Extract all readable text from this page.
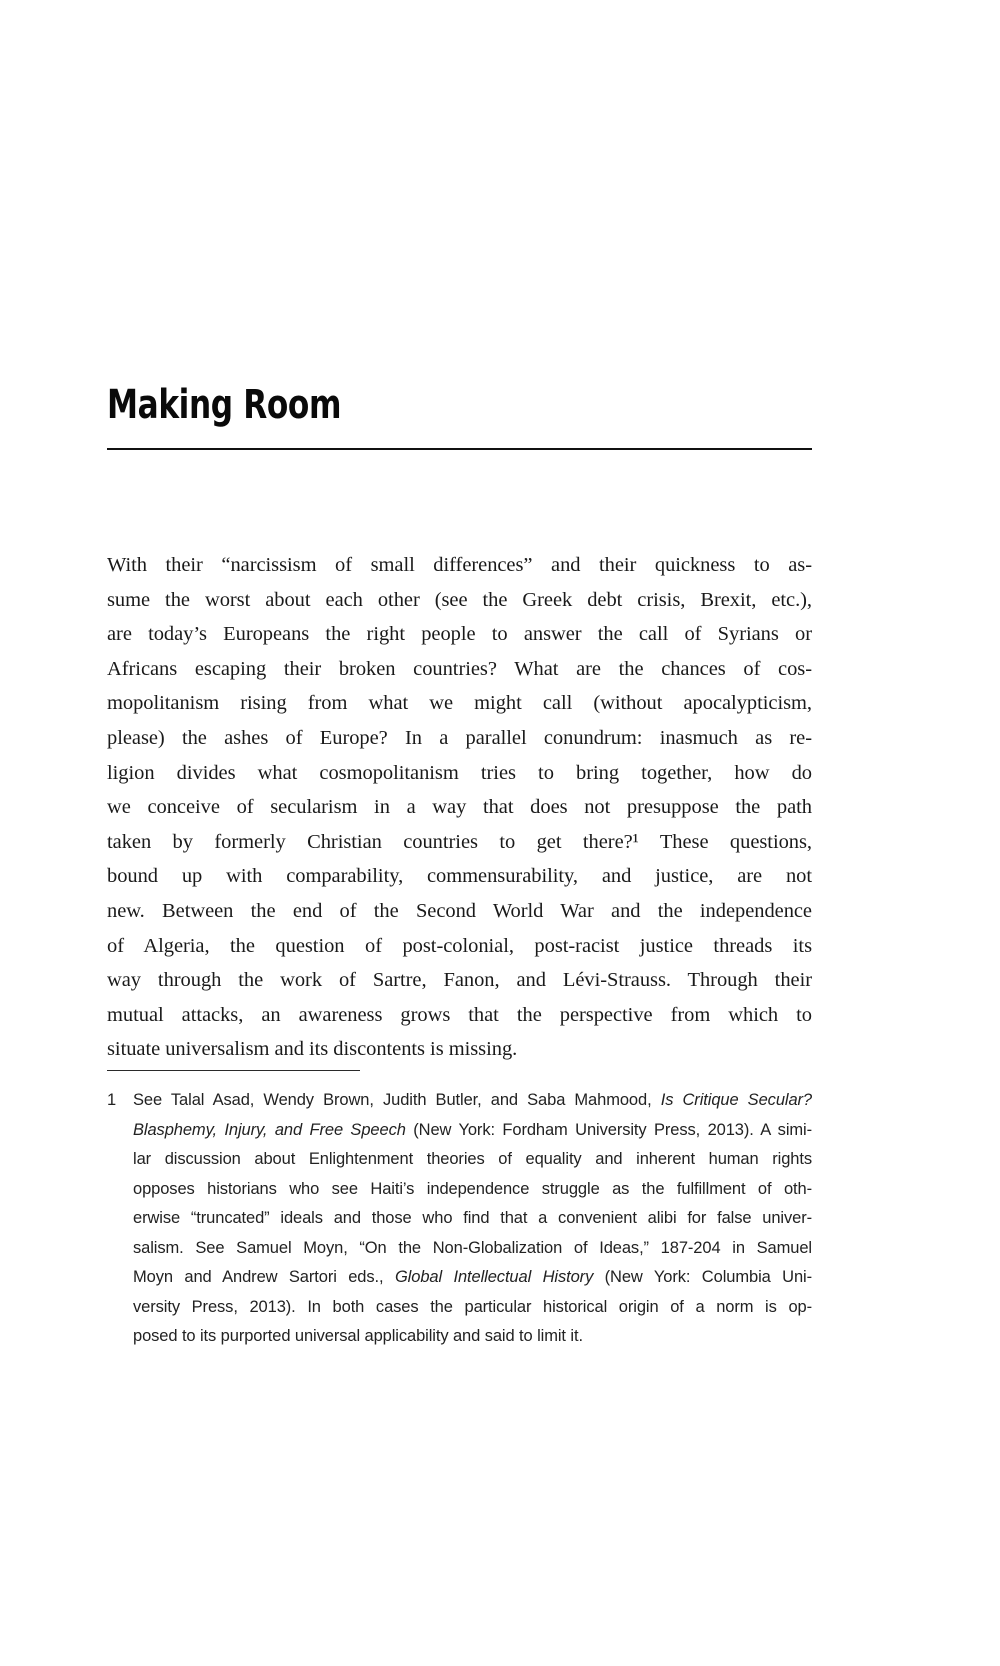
Making Room
With their “narcissism of small differences” and their quickness to as-
sume the worst about each other (see the Greek debt crisis, Brexit, etc.),
are today’s Europeans the right people to answer the call of Syrians or
Africans escaping their broken countries? What are the chances of cos-
mopolitanism rising from what we might call (without apocalypticism,
please) the ashes of Europe? In a parallel conundrum: inasmuch as re-
ligion divides what cosmopolitanism tries to bring together, how do
we conceive of secularism in a way that does not presuppose the path
taken by formerly Christian countries to get there?¹ These questions,
bound up with comparability, commensurability, and justice, are not
new. Between the end of the Second World War and the independence
of Algeria, the question of post-colonial, post-racist justice threads its
way through the work of Sartre, Fanon, and Lévi-Strauss. Through their
mutual attacks, an awareness grows that the perspective from which to
situate universalism and its discontents is missing.
1	See Talal Asad, Wendy Brown, Judith Butler, and Saba Mahmood, Is Critique Secular?
Blasphemy, Injury, and Free Speech (New York: Fordham University Press, 2013). A simi-
lar discussion about Enlightenment theories of equality and inherent human rights
opposes historians who see Haiti’s independence struggle as the fulfillment of oth-
erwise “truncated” ideals and those who find that a convenient alibi for false univer-
salism. See Samuel Moyn, “On the Non-Globalization of Ideas,” 187-204 in Samuel
Moyn and Andrew Sartori eds., Global Intellectual History (New York: Columbia Uni-
versity Press, 2013). In both cases the particular historical origin of a norm is op-
posed to its purported universal applicability and said to limit it.
